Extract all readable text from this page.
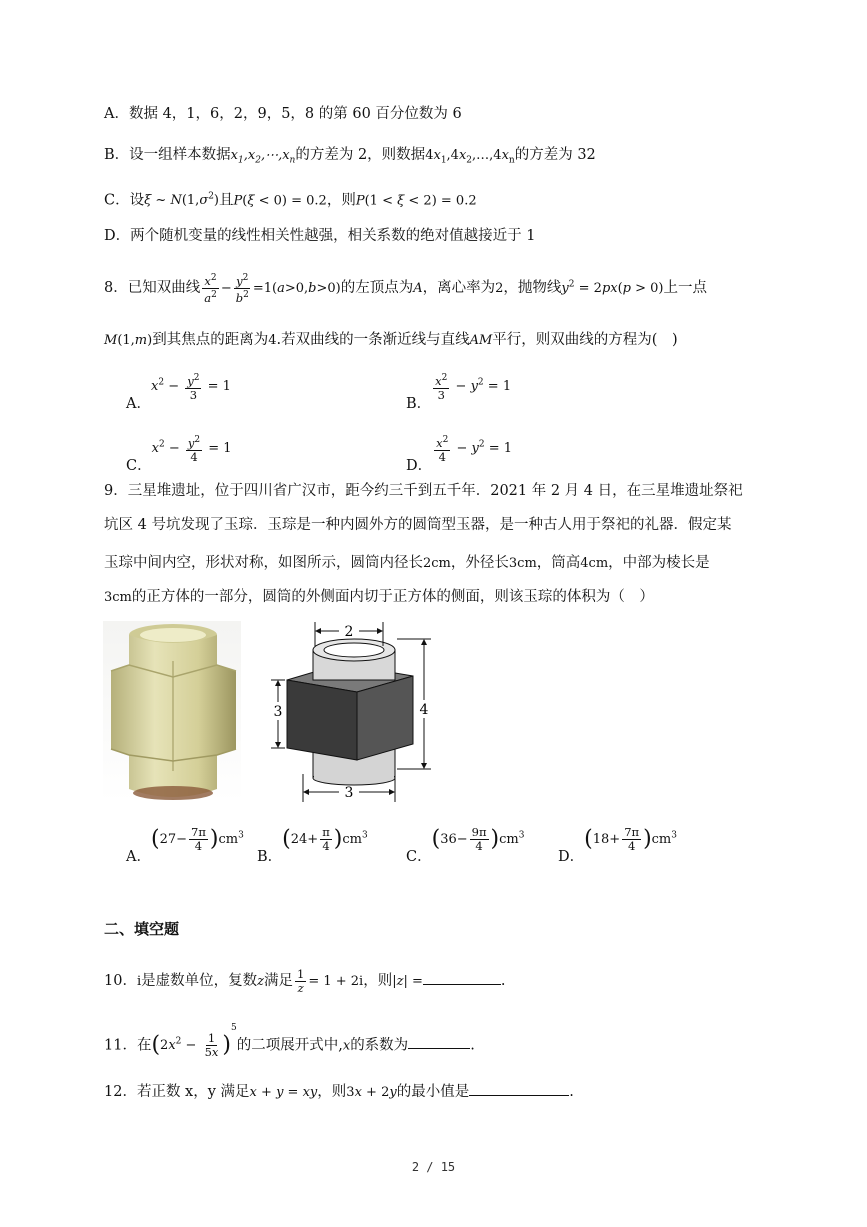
A．数据 4，1，6，2，9，5，8 的第 60 百分位数为 6
B．设一组样本数据$x_1,x_2,\cdots,x_n$的方差为 2，则数据$4x_1,4x_2,\dots,4x_n$的方差为 32
C．设ξ ~ $N(1,\sigma^2)$且P(ξ < 0) = 0.2，则P(1 < ξ < 2) = 0.2
D．两个随机变量的线性相关性越强，相关系数的绝对值越接近于 1
8．已知双曲线 $\frac{x^2}{a^2} - \frac{y^2}{b^2} =1(a>0,b>0)$的左顶点为A，离心率为2，抛物线$y^2 = 2px(p > 0)$上一点
M(1,m)到其焦点的距离为4.若双曲线的一条渐近线与直线AM平行，则双曲线的方程为(　)
A．$x^2 - \frac{y^2}{3} = 1$
B．
$\frac{x^2}{3} - y^2 = 1$
C．$x^2 - \frac{y^2}{4} = 1$
D．
$\frac{x^2}{4} - y^2 = 1$
9．三星堆遗址，位于四川省广汉市，距今约三千到五千年．2021 年 2 月 4 日，在三星堆遗址祭祀
坑区 4 号坑发现了玉琮．玉琮是一种内圆外方的圆筒型玉器，是一种古人用于祭祀的礼器．假定某
玉琮中间内空，形状对称，如图所示，圆筒内径长2cm，外径长3cm，筒高4cm，中部为棱长是
3cm的正方体的一部分，圆筒的外侧面内切于正方体的侧面，则该玉琮的体积为（　）
2
3	4
3
A．$(27- \frac{7\pi}{4} )cm^3$
B．$(24+ \frac{\pi}{4} )cm^3$
C．$(36- \frac{9\pi}{4} )cm^3$
D．$(18+ \frac{7\pi}{4} )cm^3$
二、填空题
10．i是虚数单位，复数z满足 $\frac{1}{z} = 1 + 2i$，则|z| =	.
11．在$(2x^2 - \frac{1}{5x} )^5$的二项展开式中,x的系数为	.
12．若正数 x，y 满足x + y = xy，则3x + 2y的最小值是	.
2 / 15
